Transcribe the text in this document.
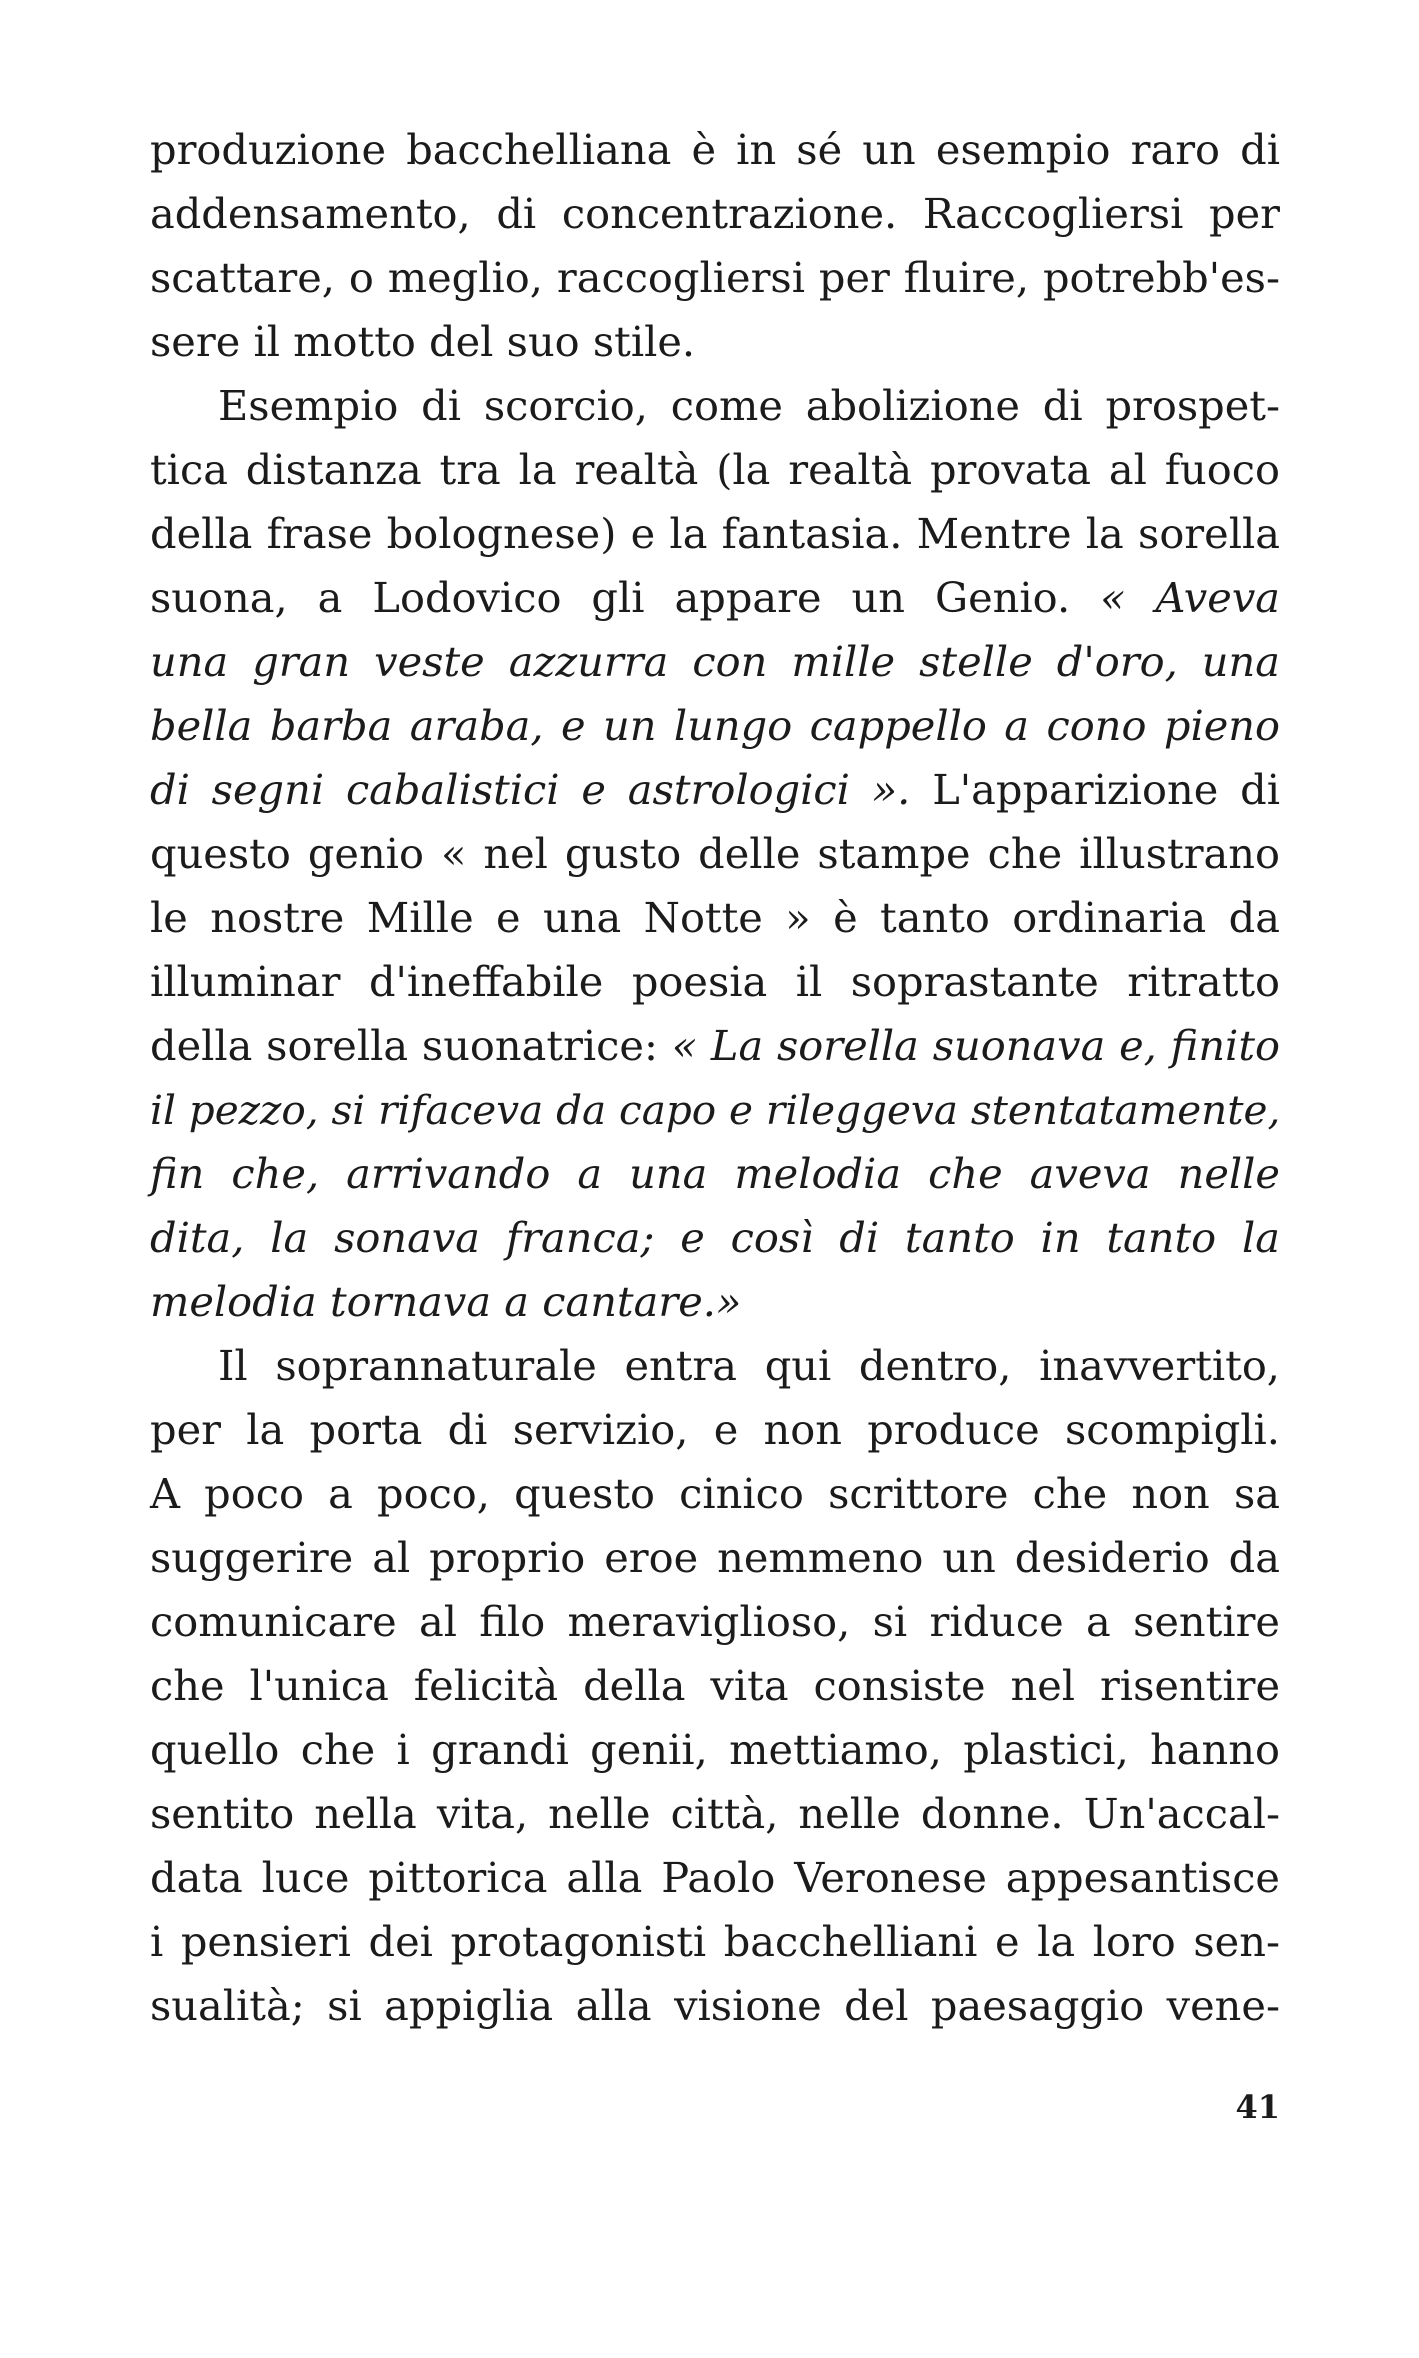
produzione bacchelliana è in sé un esempio raro di
addensamento, di concentrazione. Raccogliersi per
scattare, o meglio, raccogliersi per fluire, potrebb'es-
sere il motto del suo stile.
Esempio di scorcio, come abolizione di prospet-
tica distanza tra la realtà (la realtà provata al fuoco
della frase bolognese) e la fantasia. Mentre la sorella
suona, a Lodovico gli appare un Genio. « Aveva
una gran veste azzurra con mille stelle d'oro, una
bella barba araba, e un lungo cappello a cono pieno
di segni cabalistici e astrologici ». L'apparizione di
questo genio « nel gusto delle stampe che illustrano
le nostre Mille e una Notte » è tanto ordinaria da
illuminar d'ineffabile poesia il soprastante ritratto
della sorella suonatrice: « La sorella suonava e, finito
il pezzo, si rifaceva da capo e rileggeva stentatamente,
fin che, arrivando a una melodia che aveva nelle
dita, la sonava franca; e così di tanto in tanto la
melodia tornava a cantare.»
Il soprannaturale entra qui dentro, inavvertito,
per la porta di servizio, e non produce scompigli.
A poco a poco, questo cinico scrittore che non sa
suggerire al proprio eroe nemmeno un desiderio da
comunicare al filo meraviglioso, si riduce a sentire
che l'unica felicità della vita consiste nel risentire
quello che i grandi genii, mettiamo, plastici, hanno
sentito nella vita, nelle città, nelle donne. Un'accal-
data luce pittorica alla Paolo Veronese appesantisce
i pensieri dei protagonisti bacchelliani e la loro sen-
sualità; si appiglia alla visione del paesaggio vene-
41
